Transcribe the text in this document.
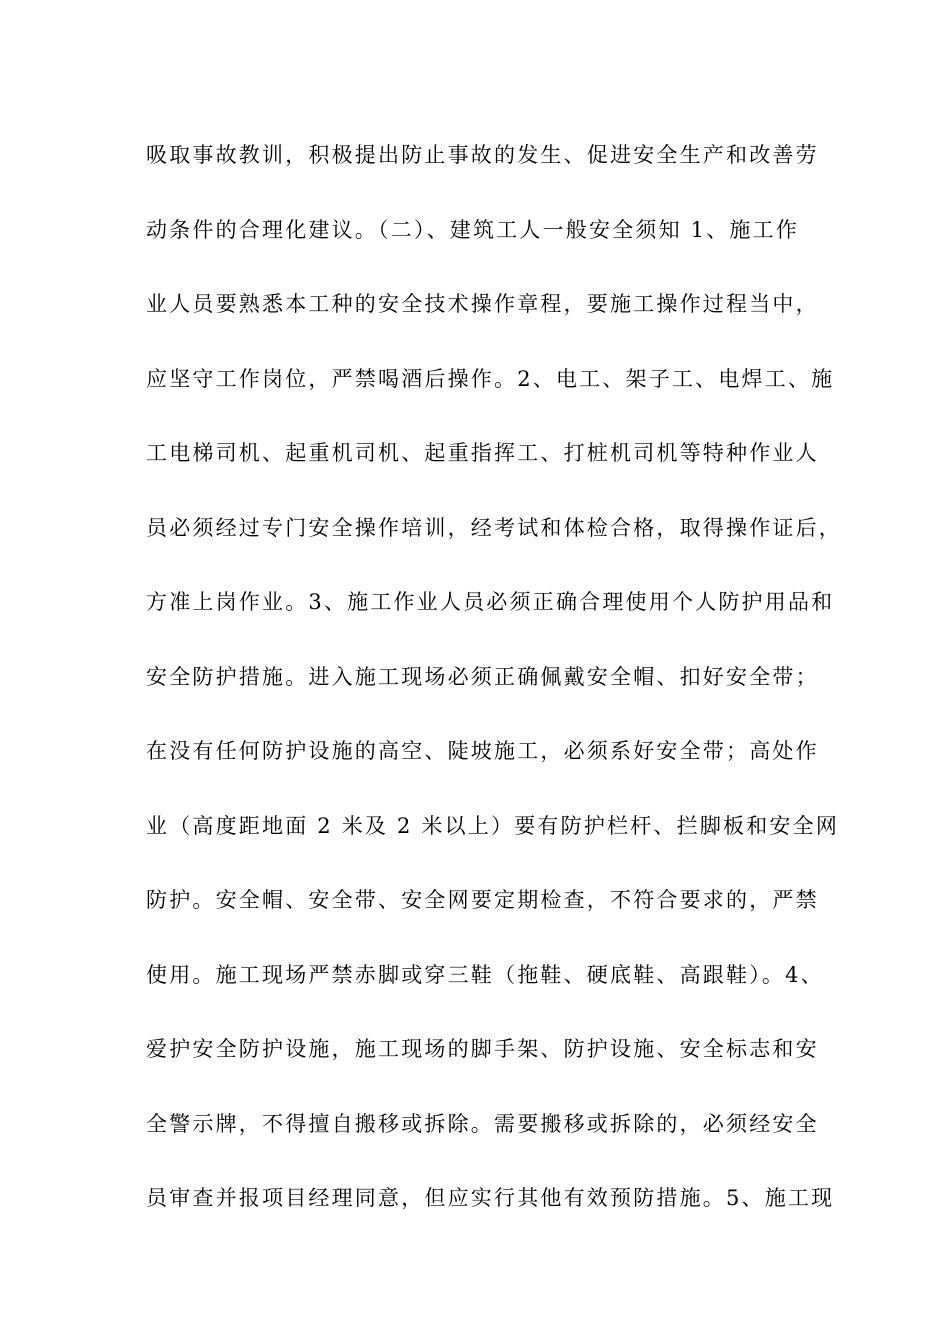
吸取事故教训，积极提出防止事故的发生、促进安全生产和改善劳
动条件的合理化建议。（二）、建筑工人一般安全须知 1、施工作
业人员要熟悉本工种的安全技术操作章程，要施工操作过程当中，
应坚守工作岗位，严禁喝酒后操作。2、电工、架子工、电焊工、施
工电梯司机、起重机司机、起重指挥工、打桩机司机等特种作业人
员必须经过专门安全操作培训，经考试和体检合格，取得操作证后，
方准上岗作业。3、施工作业人员必须正确合理使用个人防护用品和
安全防护措施。进入施工现场必须正确佩戴安全帽、扣好安全带；
在没有任何防护设施的高空、陡坡施工，必须系好安全带；高处作
业（高度距地面 2 米及 2 米以上）要有防护栏杆、拦脚板和安全网
防护。安全帽、安全带、安全网要定期检查，不符合要求的，严禁
使用。施工现场严禁赤脚或穿三鞋（拖鞋、硬底鞋、高跟鞋）。4、
爱护安全防护设施，施工现场的脚手架、防护设施、安全标志和安
全警示牌，不得擅自搬移或拆除。需要搬移或拆除的，必须经安全
员审查并报项目经理同意，但应实行其他有效预防措施。5、施工现
